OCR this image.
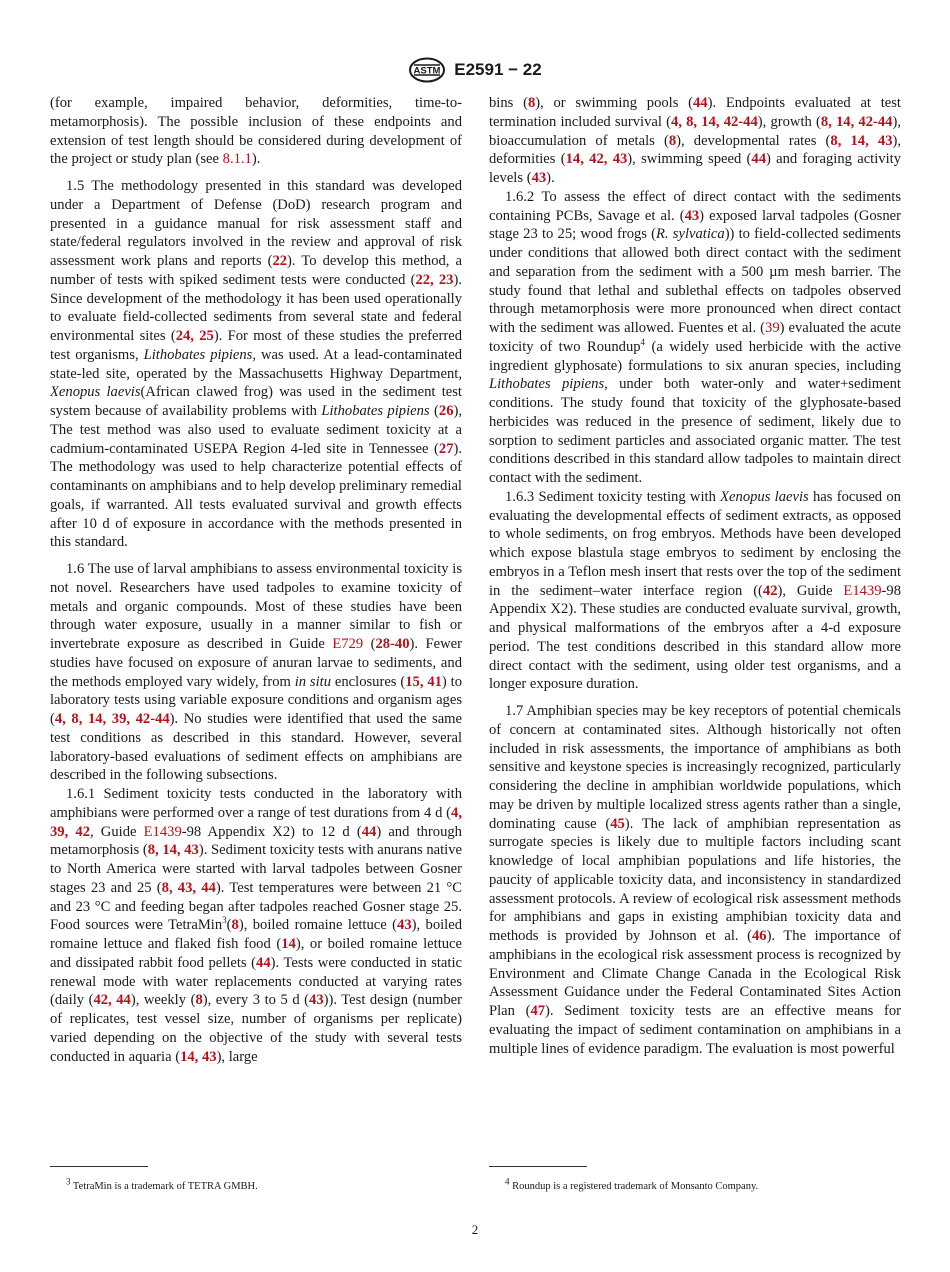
ASTM E2591 − 22

(for example, impaired behavior, deformities, time-to-metamorphosis). The possible inclusion of these endpoints and extension of test length should be considered during development of the project or study plan (see 8.1.1).

1.5 The methodology presented in this standard was developed under a Department of Defense (DoD) research program and presented in a guidance manual for risk assessment staff and state/federal regulators involved in the review and approval of risk assessment work plans and reports (22). To develop this method, a number of tests with spiked sediment tests were conducted (22, 23). Since development of the methodology it has been used operationally to evaluate field-collected sediments from several state and federal environmental sites (24, 25). For most of these studies the preferred test organisms, Lithobates pipiens, was used. At a lead-contaminated state-led site, operated by the Massachusetts Highway Department, Xenopus laevis(African clawed frog) was used in the sediment test system because of availability problems with Lithobates pipiens (26), The test method was also used to evaluate sediment toxicity at a cadmium-contaminated USEPA Region 4-led site in Tennessee (27). The methodology was used to help characterize potential effects of contaminants on amphibians and to help develop preliminary remedial goals, if warranted. All tests evaluated survival and growth effects after 10 d of exposure in accordance with the methods presented in this standard.

1.6 The use of larval amphibians to assess environmental toxicity is not novel. Researchers have used tadpoles to examine toxicity of metals and organic compounds. Most of these studies have been through water exposure, usually in a manner similar to fish or invertebrate exposure as described in Guide E729 (28-40). Fewer studies have focused on exposure of anuran larvae to sediments, and the methods employed vary widely, from in situ enclosures (15, 41) to laboratory tests using variable exposure conditions and organism ages (4, 8, 14, 39, 42-44). No studies were identified that used the same test conditions as described in this standard. However, several laboratory-based evaluations of sediment effects on amphibians are described in the following subsections.

1.6.1 Sediment toxicity tests conducted in the laboratory with amphibians were performed over a range of test durations from 4 d (4, 39, 42, Guide E1439-98 Appendix X2) to 12 d (44) and through metamorphosis (8, 14, 43). Sediment toxicity tests with anurans native to North America were started with larval tadpoles between Gosner stages 23 and 25 (8, 43, 44). Test temperatures were between 21 °C and 23 °C and feeding began after tadpoles reached Gosner stage 25. Food sources were TetraMin$^3$(8), boiled romaine lettuce (43), boiled romaine lettuce and flaked fish food (14), or boiled romaine lettuce and dissipated rabbit food pellets (44). Tests were conducted in static renewal mode with water replacements conducted at varying rates (daily (42, 44), weekly (8), every 3 to 5 d (43)). Test design (number of replicates, test vessel size, number of organisms per replicate) varied depending on the objective of the study with several tests conducted in aquaria (14, 43), large

bins (8), or swimming pools (44). Endpoints evaluated at test termination included survival (4, 8, 14, 42-44), growth (8, 14, 42-44), bioaccumulation of metals (8), developmental rates (8, 14, 43), deformities (14, 42, 43), swimming speed (44) and foraging activity levels (43).

1.6.2 To assess the effect of direct contact with the sediments containing PCBs, Savage et al. (43) exposed larval tadpoles (Gosner stage 23 to 25; wood frogs (R. sylvatica)) to field-collected sediments under conditions that allowed both direct contact with the sediment and separation from the sediment with a 500 µm mesh barrier. The study found that lethal and sublethal effects on tadpoles observed through metamorphosis were more pronounced when direct contact with the sediment was allowed. Fuentes et al. (39) evaluated the acute toxicity of two Roundup$^4$ (a widely used herbicide with the active ingredient glyphosate) formulations to six anuran species, including Lithobates pipiens, under both water-only and water+sediment conditions. The study found that toxicity of the glyphosate-based herbicides was reduced in the presence of sediment, likely due to sorption to sediment particles and associated organic matter. The test conditions described in this standard allow tadpoles to maintain direct contact with the sediment.

1.6.3 Sediment toxicity testing with Xenopus laevis has focused on evaluating the developmental effects of sediment extracts, as opposed to whole sediments, on frog embryos. Methods have been developed which expose blastula stage embryos to sediment by enclosing the embryos in a Teflon mesh insert that rests over the top of the sediment in the sediment–water interface region ((42), Guide E1439-98 Appendix X2). These studies are conducted evaluate survival, growth, and physical malformations of the embryos after a 4-d exposure period. The test conditions described in this standard allow more direct contact with the sediment, using older test organisms, and a longer exposure duration.

1.7 Amphibian species may be key receptors of potential chemicals of concern at contaminated sites. Although historically not often included in risk assessments, the importance of amphibians as both sensitive and keystone species is increasingly recognized, particularly considering the decline in amphibian worldwide populations, which may be driven by multiple localized stress agents rather than a single, dominating cause (45). The lack of amphibian representation as surrogate species is likely due to multiple factors including scant knowledge of local amphibian populations and life histories, the paucity of applicable toxicity data, and inconsistency in standardized assessment protocols. A review of ecological risk assessment methods for amphibians and gaps in existing amphibian toxicity data and methods is provided by Johnson et al. (46). The importance of amphibians in the ecological risk assessment process is recognized by Environment and Climate Change Canada in the Ecological Risk Assessment Guidance under the Federal Contaminated Sites Action Plan (47). Sediment toxicity tests are an effective means for evaluating the impact of sediment contamination on amphibians in a multiple lines of evidence paradigm. The evaluation is most powerful

$^3$ TetraMin is a trademark of TETRA GMBH.	$^4$ Roundup is a registered trademark of Monsanto Company.
2
